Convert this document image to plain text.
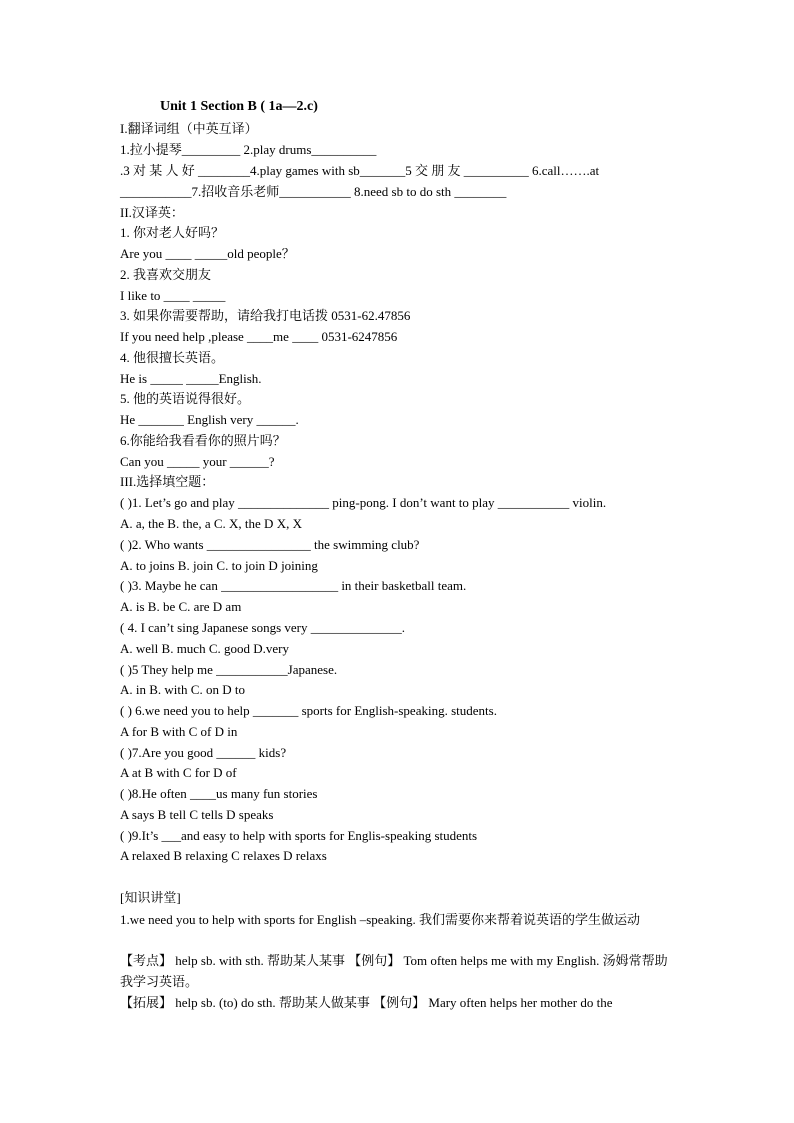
Unit 1 Section B ( 1a—2.c)
I.翻译词组（中英互译）
1.拉小提琴_________ 2.play drums__________
.3 对 某 人 好 ________4.play games with sb_______5 交 朋 友 __________ 6.call…….at
___________7.招收音乐老师___________ 8.need sb to do sth ________
II.汉译英：
1. 你对老人好吗？
Are you ____ _____old people？
2. 我喜欢交朋友
I like to ____ _____
3. 如果你需要帮助，请给我打电话拨 0531-62.47856
If you need help ,please ____me ____ 0531-6247856
4. 他很擅长英语。
He is _____ _____English.
5. 他的英语说得很好。
He _______ English very ______.
6.你能给我看看你的照片吗？
Can you _____ your ______?
III.选择填空题：
( )1. Let’s go and play ______________ ping-pong. I don’t want to play ___________ violin.
A. a, the B. the, a C. X, the D X, X
( )2. Who wants ________________ the swimming club?
A. to joins B. join C. to join D joining
( )3. Maybe he can __________________ in their basketball team.
A. is B. be C. are D am
( 4. I can’t sing Japanese songs very ______________.
A. well B. much C. good D.very
( )5 They help me ___________Japanese.
A. in B. with C. on D to
( ) 6.we need you to help _______ sports for English-speaking. students.
A for B with C of D in
( )7.Are you good ______ kids?
A at B with C for D of
( )8.He often ____us many fun stories
A says B tell C tells D speaks
( )9.It’s ___and easy to help with sports for Englis-speaking students
A relaxed B relaxing C relaxes D relaxs
[知识讲堂]
1.we need you to help with sports for English –speaking. 我们需要你来帮着说英语的学生做运动
【考点】 help sb. with sth. 帮助某人某事 【例句】 Tom often helps me with my English. 汤姆常帮助我学习英语。
【拓展】 help sb. (to) do sth. 帮助某人做某事 【例句】 Mary often helps her mother do the
